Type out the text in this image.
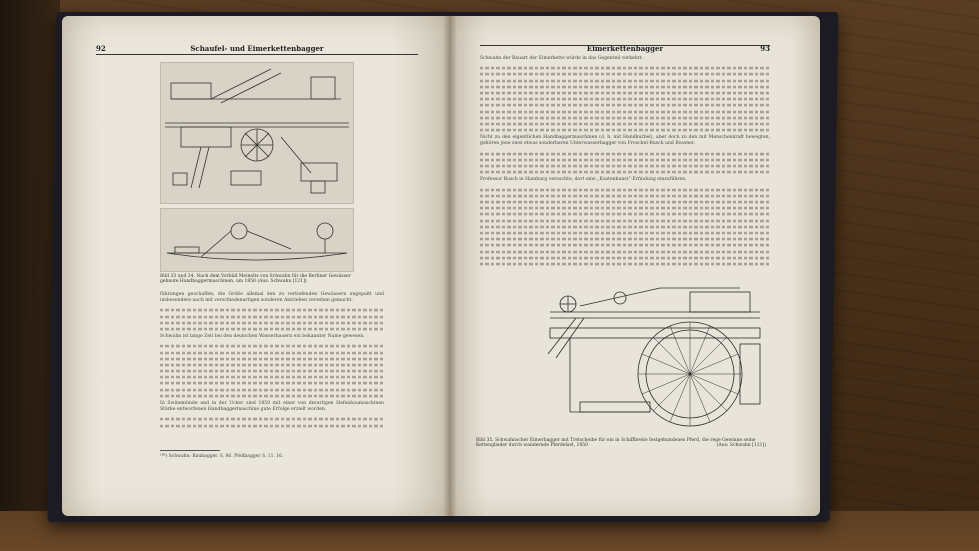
92	Schaufel- und Eimerkettenbagger
Bild 33 und 34. Nach dem Vorbild Meinelts von Schwahn für die Berliner Gewässer gebaute Handbaggermaschinen, um 1850 (Aus: Schwahn [121])

führungen geschaffen, die Größe allemal den zu vertiefenden Gewässern angepaßt und insbesondere auch mit verschiedenartigen sonderen Antrieben versehen gemacht.

Schwahn ist lange Zeit bei den deutschen Wasserbauern ein bekannter Name gewesen.

In Swinemünde und in der Ucker sind 1850 mit einer von derartigen Hafenbaumaschinen Stärke entworfenen Handbaggermaschine gute Erfolge erzielt worden.

¹⁸⁸) Schwahn: Baubagger. S. 86. Pfeilbagger S. 11. 16.
Eimerkettenbagger	93

Schwahn der Bauart der Eimerkette würde in das Gegenteil verkehrt.

Nicht zu den eigentlichen Handbaggermaschinen (d. h. mit Handkurbel), aber doch zu den mit Menschenkraft bewegten, gehören jene zwei etwas sonderbaren Unterwasserbagger von Freschel-Busch und Bossner.

Professor Busch in Hamburg versuchte, dort eine „Kastenkunst“-Erfindung einzuführen.

Bild 35. Schwahnscher Eimerbagger mit Tretscheibe für ein in Schiffbreite festgebundenes Pferd, die rege Gewinne seine Kettenglieder durch wandernde Pferdelast, 1850	(Aus: Schwahn [121])
